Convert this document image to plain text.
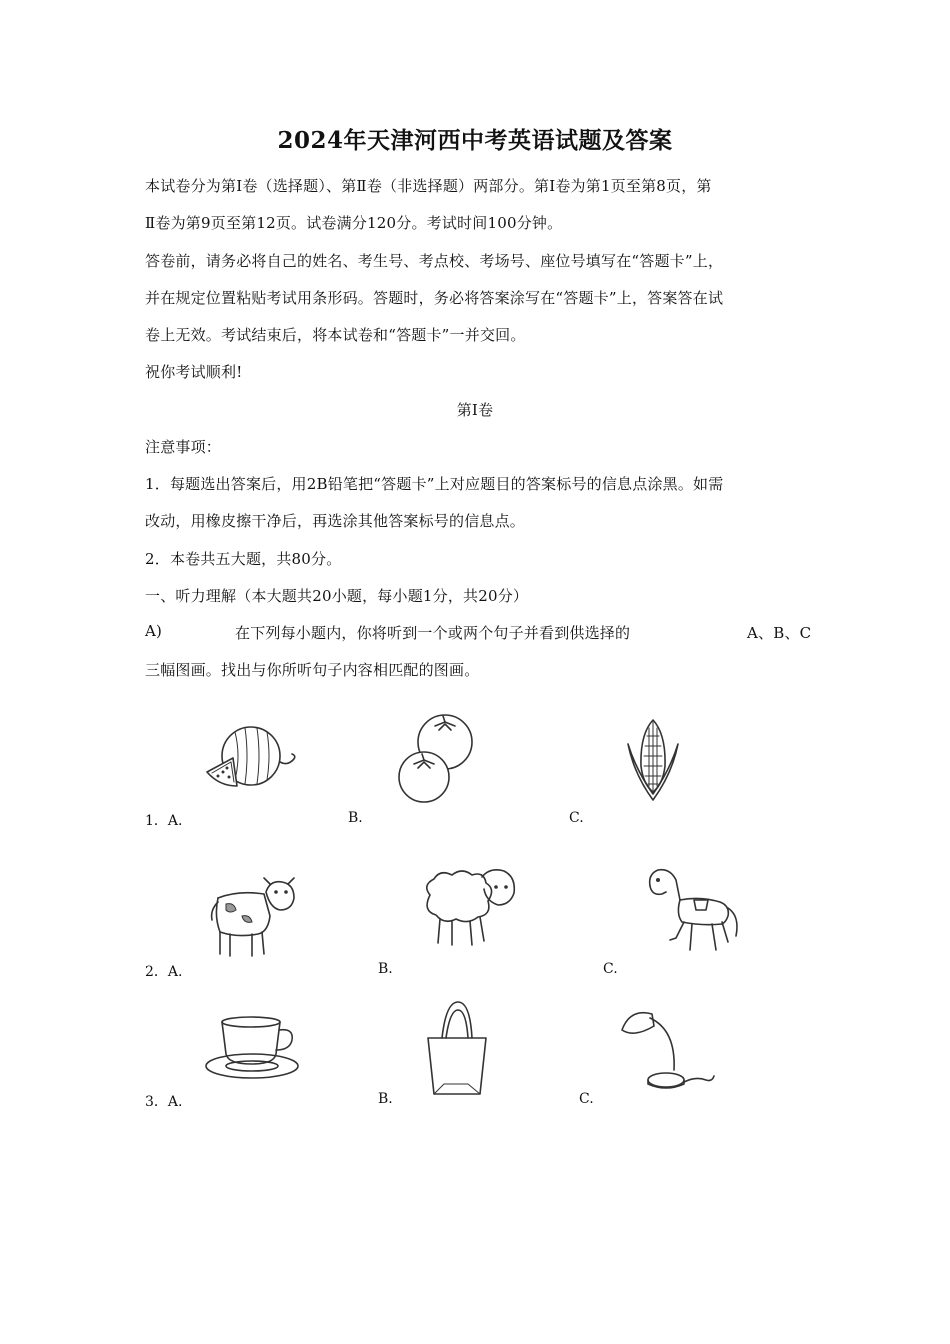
2024年天津河西中考英语试题及答案
本试卷分为第Ⅰ卷（选择题）、第Ⅱ卷（非选择题）两部分。第Ⅰ卷为第1页至第8页，第
Ⅱ卷为第9页至第12页。试卷满分120分。考试时间100分钟。
答卷前，请务必将自己的姓名、考生号、考点校、考场号、座位号填写在“答题卡”上，
并在规定位置粘贴考试用条形码。答题时，务必将答案涂写在“答题卡”上，答案答在试
卷上无效。考试结束后，将本试卷和“答题卡”一并交回。
祝你考试顺利!
第Ⅰ卷
注意事项：
1．每题选出答案后，用2B铅笔把“答题卡”上对应题目的答案标号的信息点涂黑。如需
改动，用橡皮擦干净后，再选涂其他答案标号的信息点。
2．本卷共五大题，共80分。
一、听力理解（本大题共20小题，每小题1分，共20分）
A)	在下列每小题内，你将听到一个或两个句子并看到供选择的	A、B、C
三幅图画。找出与你所听句子内容相匹配的图画。
1．A.	B.	C.
2．A.	B.	C.
3．A.	B.	C.
